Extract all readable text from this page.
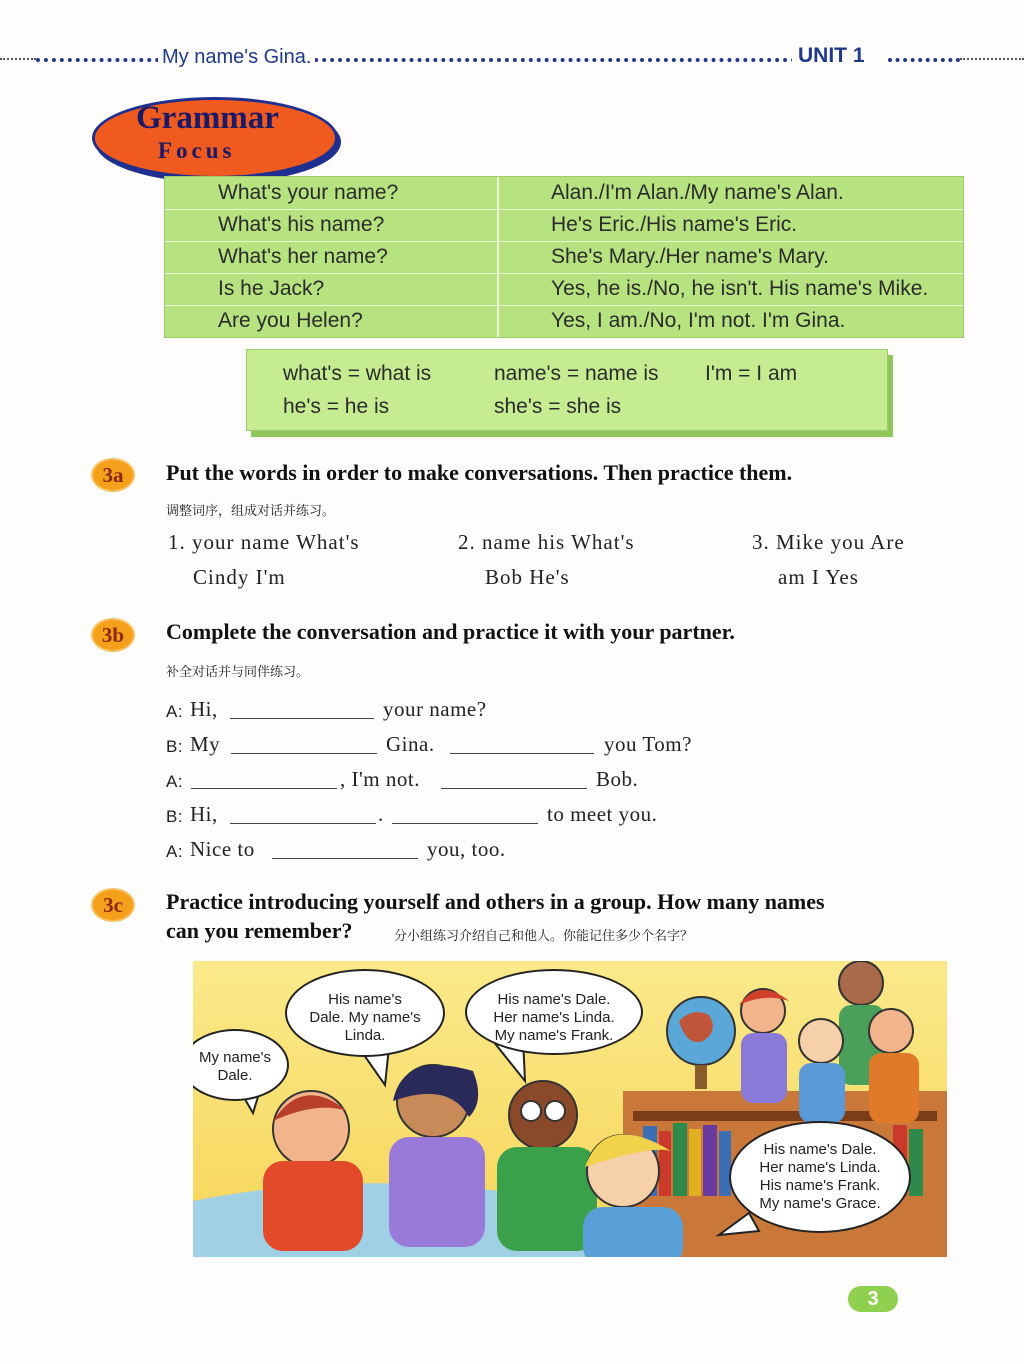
My name's Gina.	UNIT 1
Grammar
Focus
What's your name?	Alan./I'm Alan./My name's Alan.
What's his name?	He's Eric./His name's Eric.
What's her name?	She's Mary./Her name's Mary.
Is he Jack?	Yes, he is./No, he isn't. His name's Mike.
Are you Helen?	Yes, I am./No, I'm not. I'm Gina.
what's = what is	name's = name is I'm = I am
he's = he is	she's = she is
3a	Put the words in order to make conversations. Then practice them.
调整词序，组成对话并练习。
1. your name What's
Cindy I'm
2. name his What's
Bob He's
3. Mike you Are
am I Yes
3b	Complete the conversation and practice it with your partner.
补全对话并与同伴练习。
A: Hi,	your name?
B: My	Gina.	you Tom?
A:	, I'm not.	Bob.
B: Hi,	.	to meet you.
A: Nice to	you, too.
3c	Practice introducing yourself and others in a group. How many names
can you remember?	分小组练习介绍自己和他人。你能记住多少个名字？
My name's
Dale.
His name's
Dale. My name's
Linda.
His name's Dale.
Her name's Linda.
My name's Frank.
His name's Dale.
Her name's Linda.
His name's Frank.
My name's Grace.
3
